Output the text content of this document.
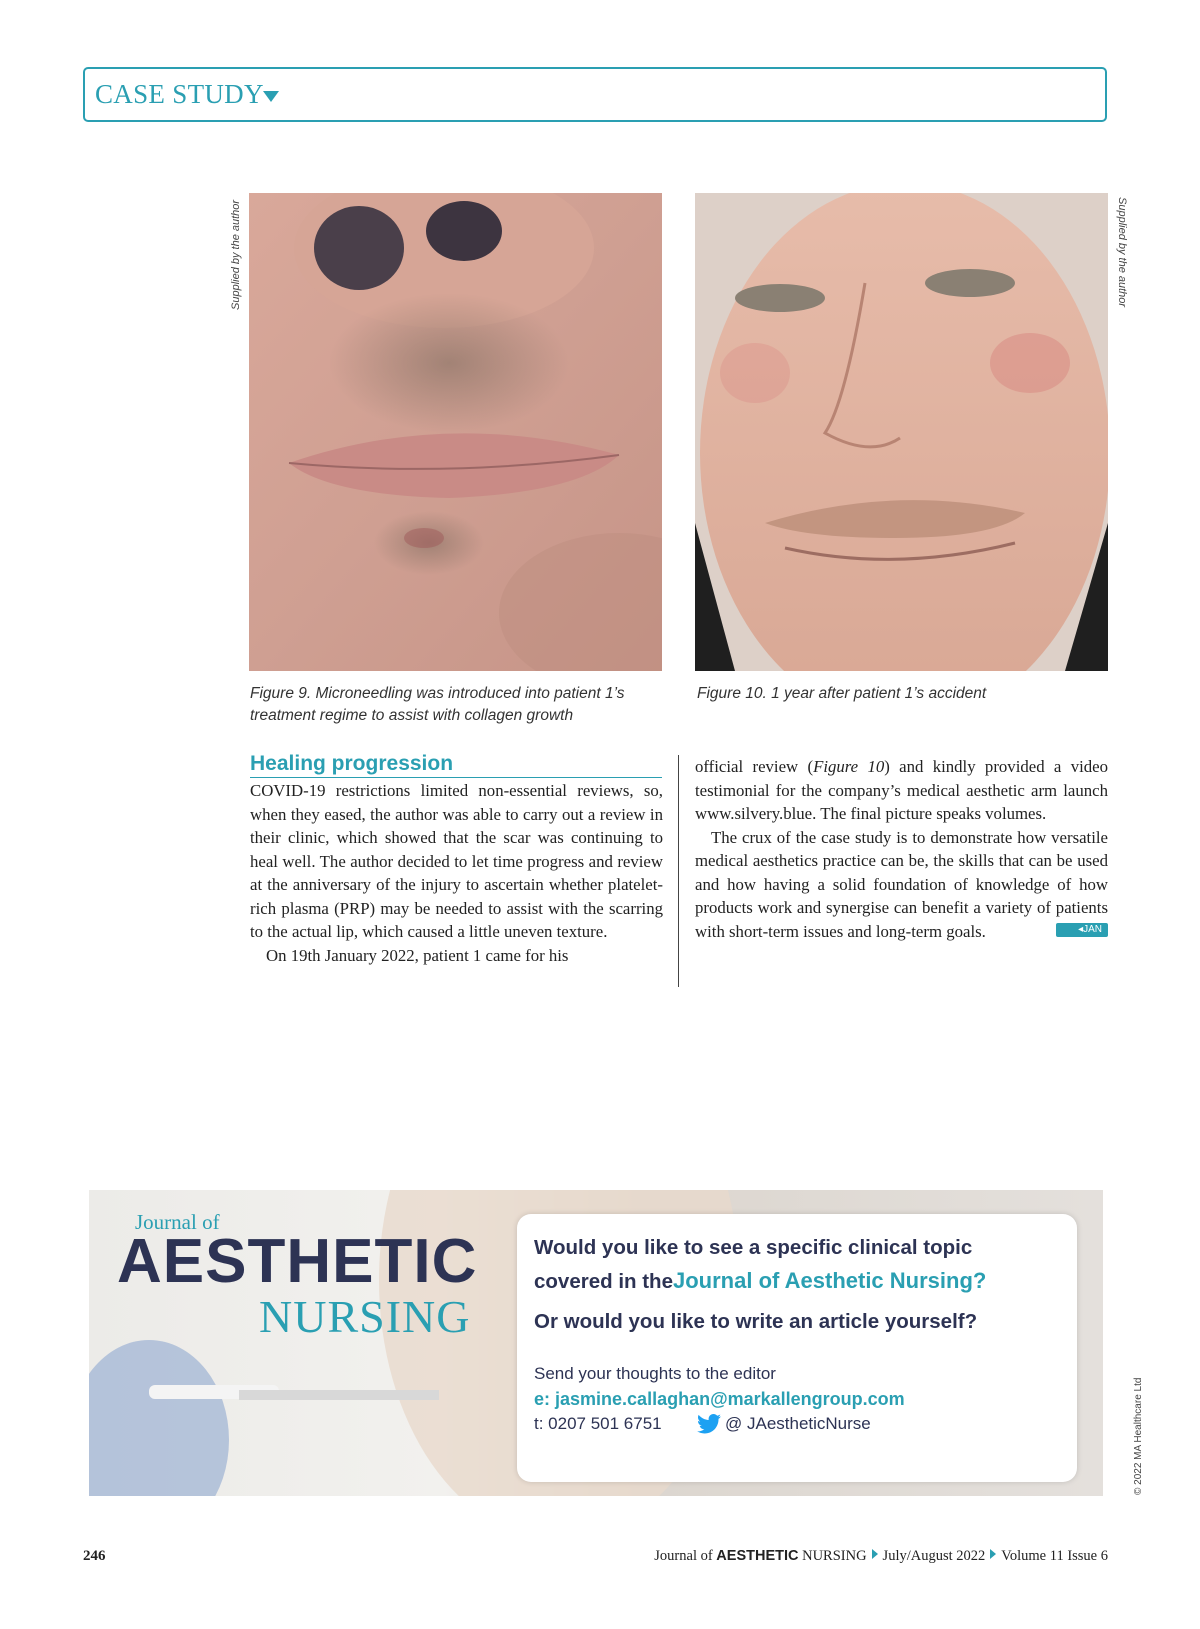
CASE STUDY
Supplied by the author	Supplied by the author
Figure 9. Microneedling was introduced into patient 1’s
treatment regime to assist with collagen growth
Figure 10. 1 year after patient 1’s accident
Healing progression

COVID-19 restrictions limited non-essential reviews, so, when they eased, the author was able to carry out a review in their clinic, which showed that the scar was continuing to heal well. The author decided to let time progress and review at the anniversary of the injury to ascertain whether platelet-rich plasma (PRP) may be needed to assist with the scarring to the actual lip, which caused a little uneven texture.

On 19th January 2022, patient 1 came for his

official review (Figure 10) and kindly provided a video testimonial for the company’s medical aesthetic arm launch www.silvery.blue. The final picture speaks volumes.

The crux of the case study is to demonstrate how versatile medical aesthetics practice can be, the skills that can be used and how having a solid foundation of knowledge of how products work and synergise can benefit a variety of patients with short-term issues and long-term goals.	◂JAN

Journal of
AESTHETIC
NURSING
Would you like to see a specific clinical topic
covered in theJournal of Aesthetic Nursing?
Or would you like to write an article yourself?
Send your thoughts to the editor
e: jasmine.callaghan@markallengroup.com
t: 0207 501 6751	@ JAestheticNurse	© 2022 MA Healthcare Ltd
246	Journal of AESTHETIC NURSING July/August 2022 Volume 11 Issue 6
